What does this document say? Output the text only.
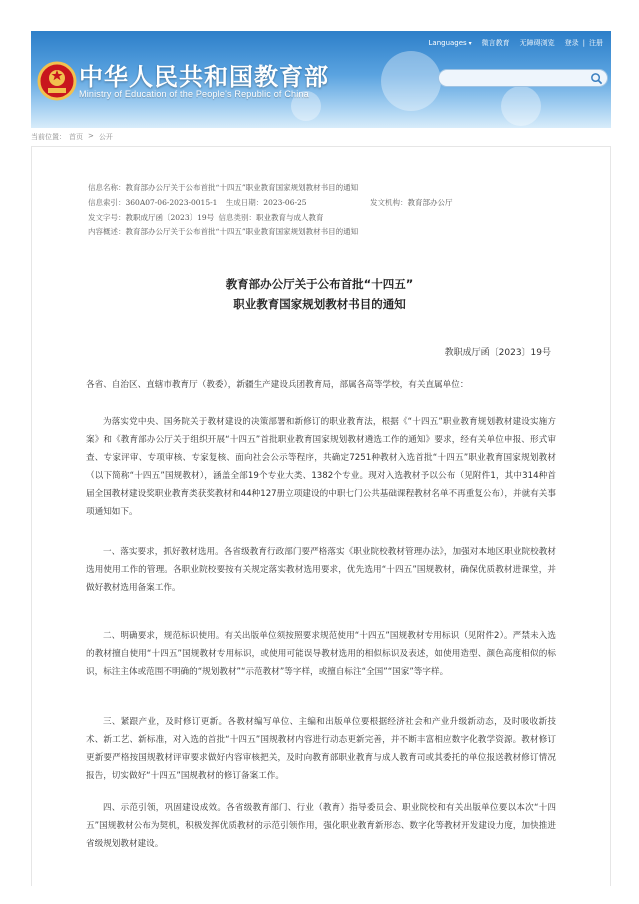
中华人民共和国教育部
Ministry of Education of the People's Republic of China
Languages ▾	微言教育 无障碍浏览 登录 | 注册
当前位置： 首页 > 公开
信息名称：教育部办公厅关于公布首批“十四五”职业教育国家规划教材书目的通知
信息索引：360A07-06-2023-0015-1 生成日期：2023-06-25	发文机构：教育部办公厅
发文字号：教职成厅函〔2023〕19号 信息类别：职业教育与成人教育
内容概述：教育部办公厅关于公布首批“十四五”职业教育国家规划教材书目的通知
教育部办公厅关于公布首批“十四五”
职业教育国家规划教材书目的通知
教职成厅函〔2023〕19号
各省、自治区、直辖市教育厅（教委），新疆生产建设兵团教育局，部属各高等学校，有关直属单位：
为落实党中央、国务院关于教材建设的决策部署和新修订的职业教育法，根据《“十四五”职业教育规划教材建设实施方案》和《教育部办公厅关于组织开展“十四五”首批职业教育国家规划教材遴选工作的通知》要求，经有关单位申报、形式审查、专家评审、专项审核、专家复核、面向社会公示等程序，共确定7251种教材入选首批“十四五”职业教育国家规划教材（以下简称“十四五”国规教材），涵盖全部19个专业大类、1382个专业。现对入选教材予以公布（见附件1，其中314种首届全国教材建设奖职业教育类获奖教材和44种127册立项建设的中职七门公共基础课程教材名单不再重复公布），并就有关事项通知如下。
一、落实要求，抓好教材选用。各省级教育行政部门要严格落实《职业院校教材管理办法》，加强对本地区职业院校教材选用使用工作的管理。各职业院校要按有关规定落实教材选用要求，优先选用“十四五”国规教材，确保优质教材进课堂，并做好教材选用备案工作。
二、明确要求，规范标识使用。有关出版单位须按照要求规范使用“十四五”国规教材专用标识（见附件2）。严禁未入选的教材擅自使用“十四五”国规教材专用标识，或使用可能误导教材选用的相似标识及表述，如使用造型、颜色高度相似的标识，标注主体或范围不明确的“规划教材”“示范教材”等字样，或擅自标注“全国”“国家”等字样。
三、紧跟产业，及时修订更新。各教材编写单位、主编和出版单位要根据经济社会和产业升级新动态，及时吸收新技术、新工艺、新标准，对入选的首批“十四五”国规教材内容进行动态更新完善，并不断丰富相应数字化教学资源。教材修订更新要严格按国规教材评审要求做好内容审核把关，及时向教育部职业教育与成人教育司或其委托的单位报送教材修订情况报告，切实做好“十四五”国规教材的修订备案工作。
四、示范引领，巩固建设成效。各省级教育部门、行业（教育）指导委员会、职业院校和有关出版单位要以本次“十四五”国规教材公布为契机，积极发挥优质教材的示范引领作用，强化职业教育新形态、数字化等教材开发建设力度，加快推进省级规划教材建设。
